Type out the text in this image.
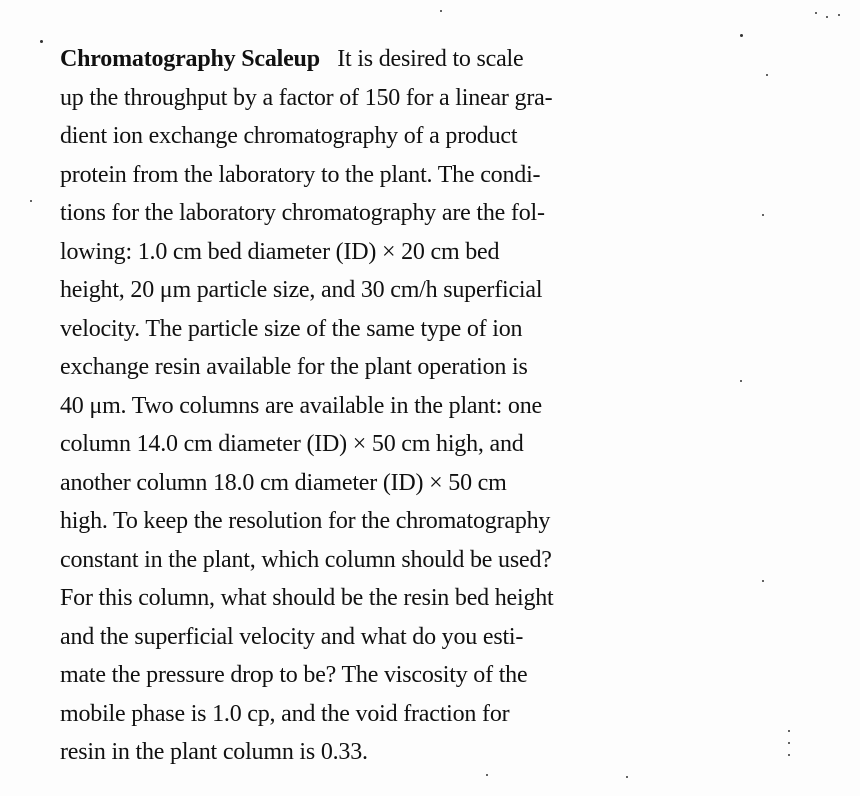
Chromatography Scaleup It is desired to scale
up the throughput by a factor of 150 for a linear gra-
dient ion exchange chromatography of a product
protein from the laboratory to the plant. The condi-
tions for the laboratory chromatography are the fol-
lowing: 1.0 cm bed diameter (ID) × 20 cm bed
height, 20 μm particle size, and 30 cm/h superficial
velocity. The particle size of the same type of ion
exchange resin available for the plant operation is
40 μm. Two columns are available in the plant: one
column 14.0 cm diameter (ID) × 50 cm high, and
another column 18.0 cm diameter (ID) × 50 cm
high. To keep the resolution for the chromatography
constant in the plant, which column should be used?
For this column, what should be the resin bed height
and the superficial velocity and what do you esti-
mate the pressure drop to be? The viscosity of the
mobile phase is 1.0 cp, and the void fraction for
resin in the plant column is 0.33.
